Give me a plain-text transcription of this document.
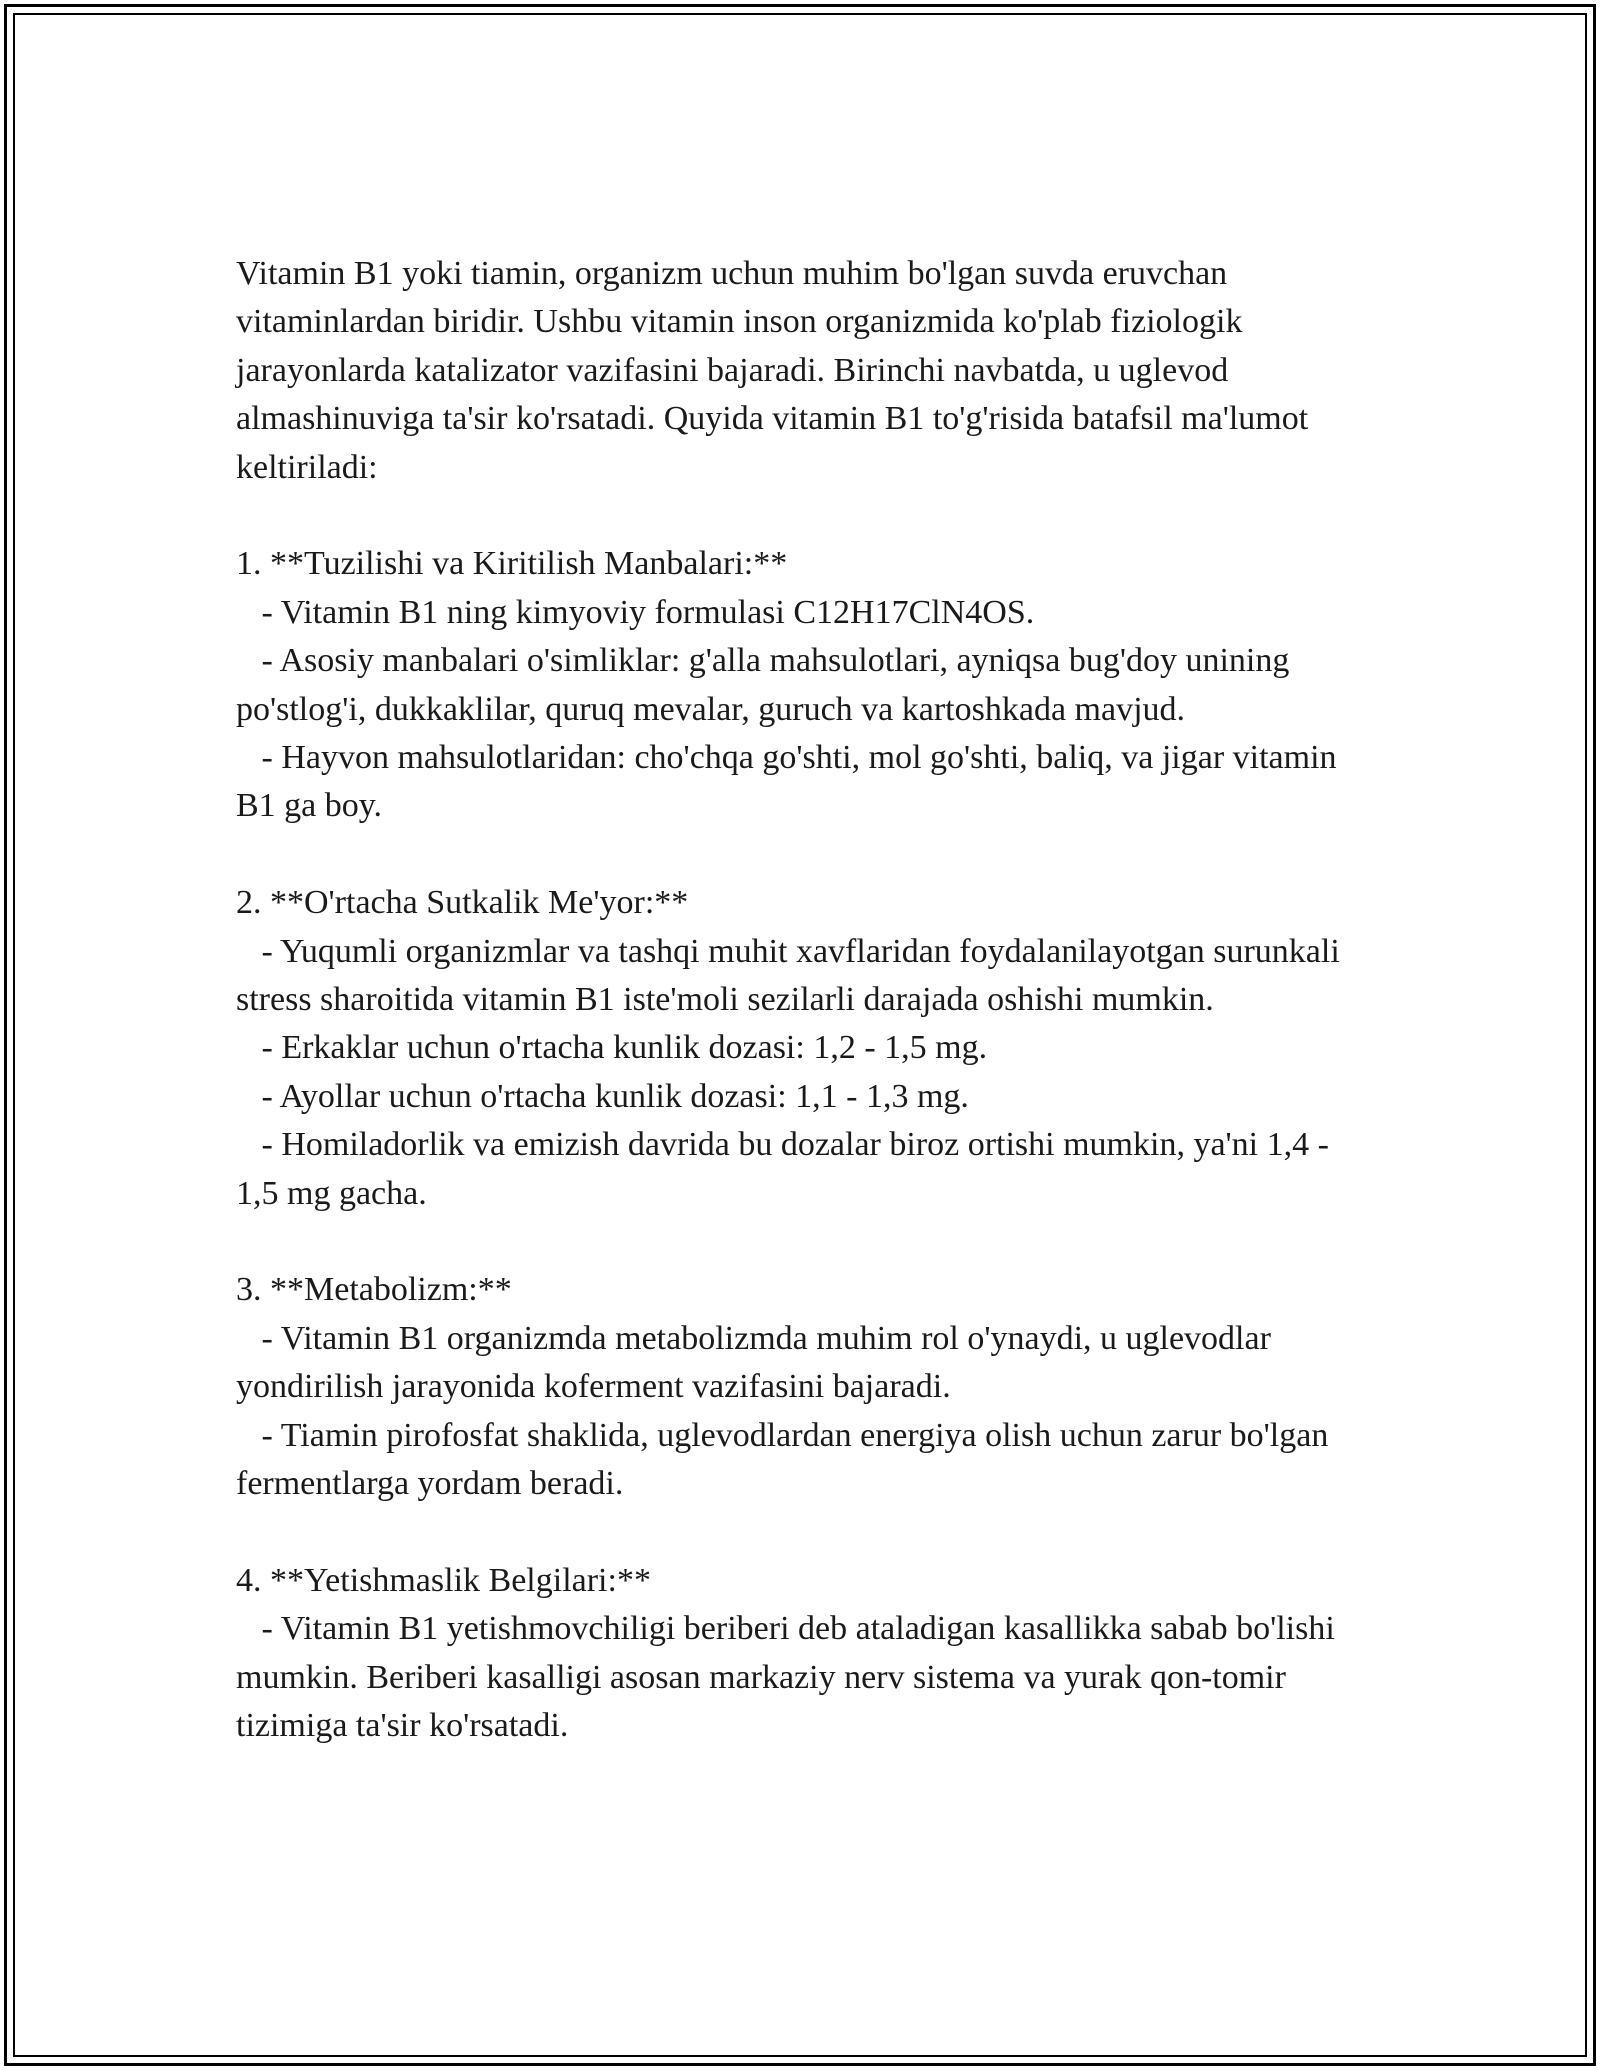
Vitamin B1 yoki tiamin, organizm uchun muhim bo'lgan suvda eruvchan vitaminlardan biridir. Ushbu vitamin inson organizmida ko'plab fiziologik jarayonlarda katalizator vazifasini bajaradi. Birinchi navbatda, u uglevod almashinuviga ta'sir ko'rsatadi. Quyida vitamin B1 to'g'risida batafsil ma'lumot keltiriladi:

1. **Tuzilishi va Kiritilish Manbalari:**

- Vitamin B1 ning kimyoviy formulasi C12H17ClN4OS.

- Asosiy manbalari o'simliklar: g'alla mahsulotlari, ayniqsa bug'doy unining po'stlog'i, dukkaklilar, quruq mevalar, guruch va kartoshkada mavjud.

- Hayvon mahsulotlaridan: cho'chqa go'shti, mol go'shti, baliq, va jigar vitamin B1 ga boy.

2. **O'rtacha Sutkalik Me'yor:**

- Yuqumli organizmlar va tashqi muhit xavflaridan foydalanilayotgan surunkali stress sharoitida vitamin B1 iste'moli sezilarli darajada oshishi mumkin.

- Erkaklar uchun o'rtacha kunlik dozasi: 1,2 - 1,5 mg.

- Ayollar uchun o'rtacha kunlik dozasi: 1,1 - 1,3 mg.

- Homiladorlik va emizish davrida bu dozalar biroz ortishi mumkin, ya'ni 1,4 - 1,5 mg gacha.

3. **Metabolizm:**

- Vitamin B1 organizmda metabolizmda muhim rol o'ynaydi, u uglevodlar yondirilish jarayonida koferment vazifasini bajaradi.

- Tiamin pirofosfat shaklida, uglevodlardan energiya olish uchun zarur bo'lgan fermentlarga yordam beradi.

4. **Yetishmaslik Belgilari:**

- Vitamin B1 yetishmovchiligi beriberi deb ataladigan kasallikka sabab bo'lishi mumkin. Beriberi kasalligi asosan markaziy nerv sistema va yurak qon-tomir tizimiga ta'sir ko'rsatadi.
